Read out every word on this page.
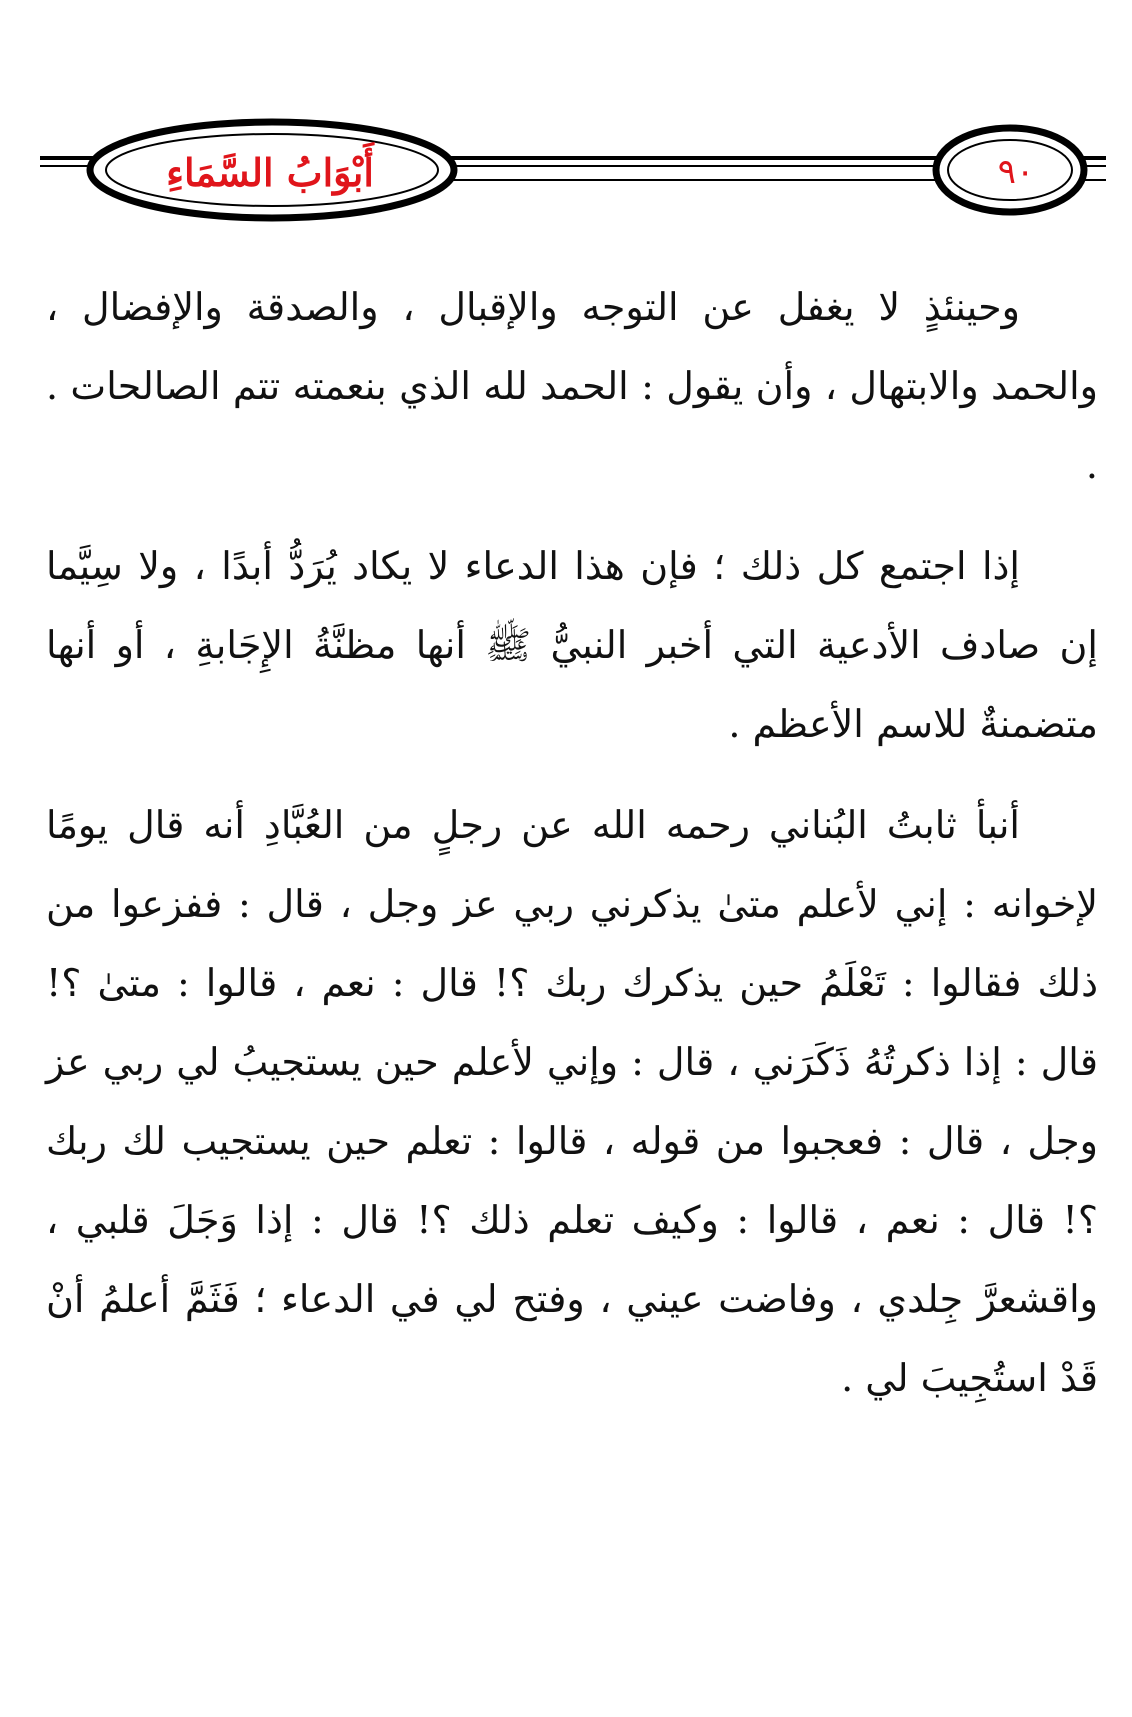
أَبْوَابُ السَّمَاءِ	٩٠

وحينئذٍ لا يغفل عن التوجه والإقبال ، والصدقة والإفضال ، والحمد والابتهال ، وأن يقول : الحمد لله الذي بنعمته تتم الصالحات . .

إذا اجتمع كل ذلك ؛ فإن هذا الدعاء لا يكاد يُرَدُّ أبدًا ، ولا سِيَّما إن صادف الأدعية التي أخبر النبيُّ ﷺ أنها مظنَّةُ الإِجَابةِ ، أو أنها متضمنةٌ للاسم الأعظم .

أنبأ ثابتُ البُناني رحمه الله عن رجلٍ من العُبَّادِ أنه قال يومًا لإخوانه : إني لأعلم متىٰ يذكرني ربي عز وجل ، قال : ففزعوا من ذلك فقالوا : تَعْلَمُ حين يذكرك ربك ؟! قال : نعم ، قالوا : متىٰ ؟! قال : إذا ذكرتُهُ ذَكَرَني ، قال : وإني لأعلم حين يستجيبُ لي ربي عز وجل ، قال : فعجبوا من قوله ، قالوا : تعلم حين يستجيب لك ربك ؟! قال : نعم ، قالوا : وكيف تعلم ذلك ؟! قال : إذا وَجَلَ قلبي ، واقشعرَّ جِلدي ، وفاضت عيني ، وفتح لي في الدعاء ؛ فَثَمَّ أعلمُ أنْ قَدْ استُجِيبَ لي .
